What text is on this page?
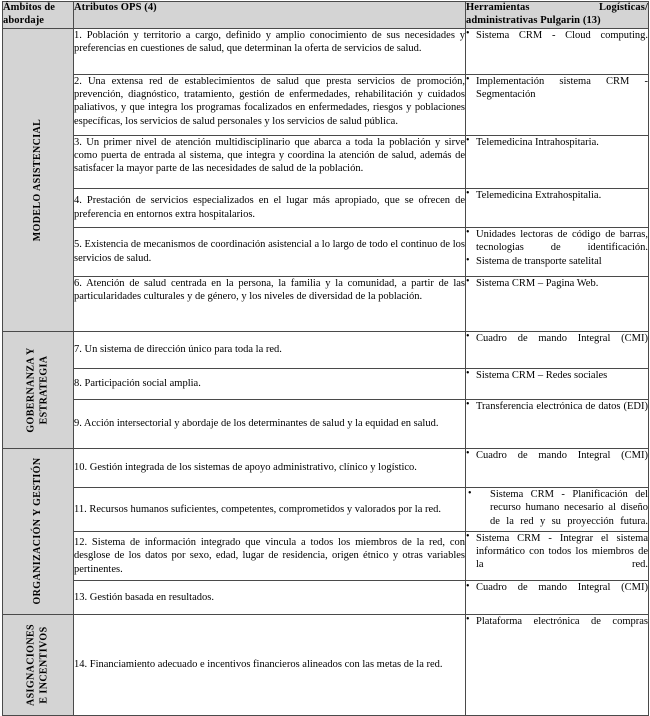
Ámbitos de abordaje	Atributos OPS (4)	Herramientas Logísticas/
administrativas Pulgarin (13)

MODELO ASISTENCIAL
	1. Población y territorio a cargo, definido y amplio conocimiento de sus necesidades y preferencias en cuestiones de salud, que determinan la oferta de servicios de salud.	
• Sistema CRM - Cloud computing.

2. Una extensa red de establecimientos de salud que presta servicios de promoción, prevención, diagnóstico, tratamiento, gestión de enfermedades, rehabilitación y cuidados paliativos, y que integra los programas focalizados en enfermedades, riesgos y poblaciones específicas, los servicios de salud personales y los servicios de salud pública.	
• Implementación sistema CRM - Segmentación

3. Un primer nivel de atención multidisciplinario que abarca a toda la población y sirve como puerta de entrada al sistema, que integra y coordina la atención de salud, además de satisfacer la mayor parte de las necesidades de salud de la población.	
• Telemedicina Intrahospitaria.

4. Prestación de servicios especializados en el lugar más apropiado, que se ofrecen de preferencia en entornos extra hospitalarios.	
• Telemedicina Extrahospitalia.

5. Existencia de mecanismos de coordinación asistencial a lo largo de todo el continuo de los servicios de salud.	
• Unidades lectoras de código de barras, tecnologias de identificación.
• Sistema de transporte satelital

6. Atención de salud centrada en la persona, la familia y la comunidad, a partir de las particularidades culturales y de género, y los niveles de diversidad de la población.	
• Sistema CRM – Pagina Web.

GOBERNANZA Y ESTRATEGIA
	7. Un sistema de dirección único para toda la red.	
• Cuadro de mando Integral (CMI)

8. Participación social amplia.	
• Sistema CRM – Redes sociales

9. Acción intersectorial y abordaje de los determinantes de salud y la equidad en salud.	
• Transferencia electrónica de datos (EDI)

ORGANIZACIÓN Y GESTIÓN	10. Gestión integrada de los sistemas de apoyo administrativo, clínico y logístico.	
• Cuadro de mando Integral (CMI)

11. Recursos humanos suficientes, competentes, comprometidos y valorados por la red.	
• Sistema CRM - Planificación del recurso humano necesario al diseño de la red y su proyección futura.

12. Sistema de información integrado que vincula a todos los miembros de la red, con desglose de los datos por sexo, edad, lugar de residencia, origen étnico y otras variables pertinentes.	
• Sistema CRM - Integrar el sistema informático con todos los miembros de la red.

13. Gestión basada en resultados.	
• Cuadro de mando Integral (CMI)

ASIGNACIONES E INCENTIVOS	14. Financiamiento adecuado e incentivos financieros alineados con las metas de la red.	
• Plataforma electrónica de compras
